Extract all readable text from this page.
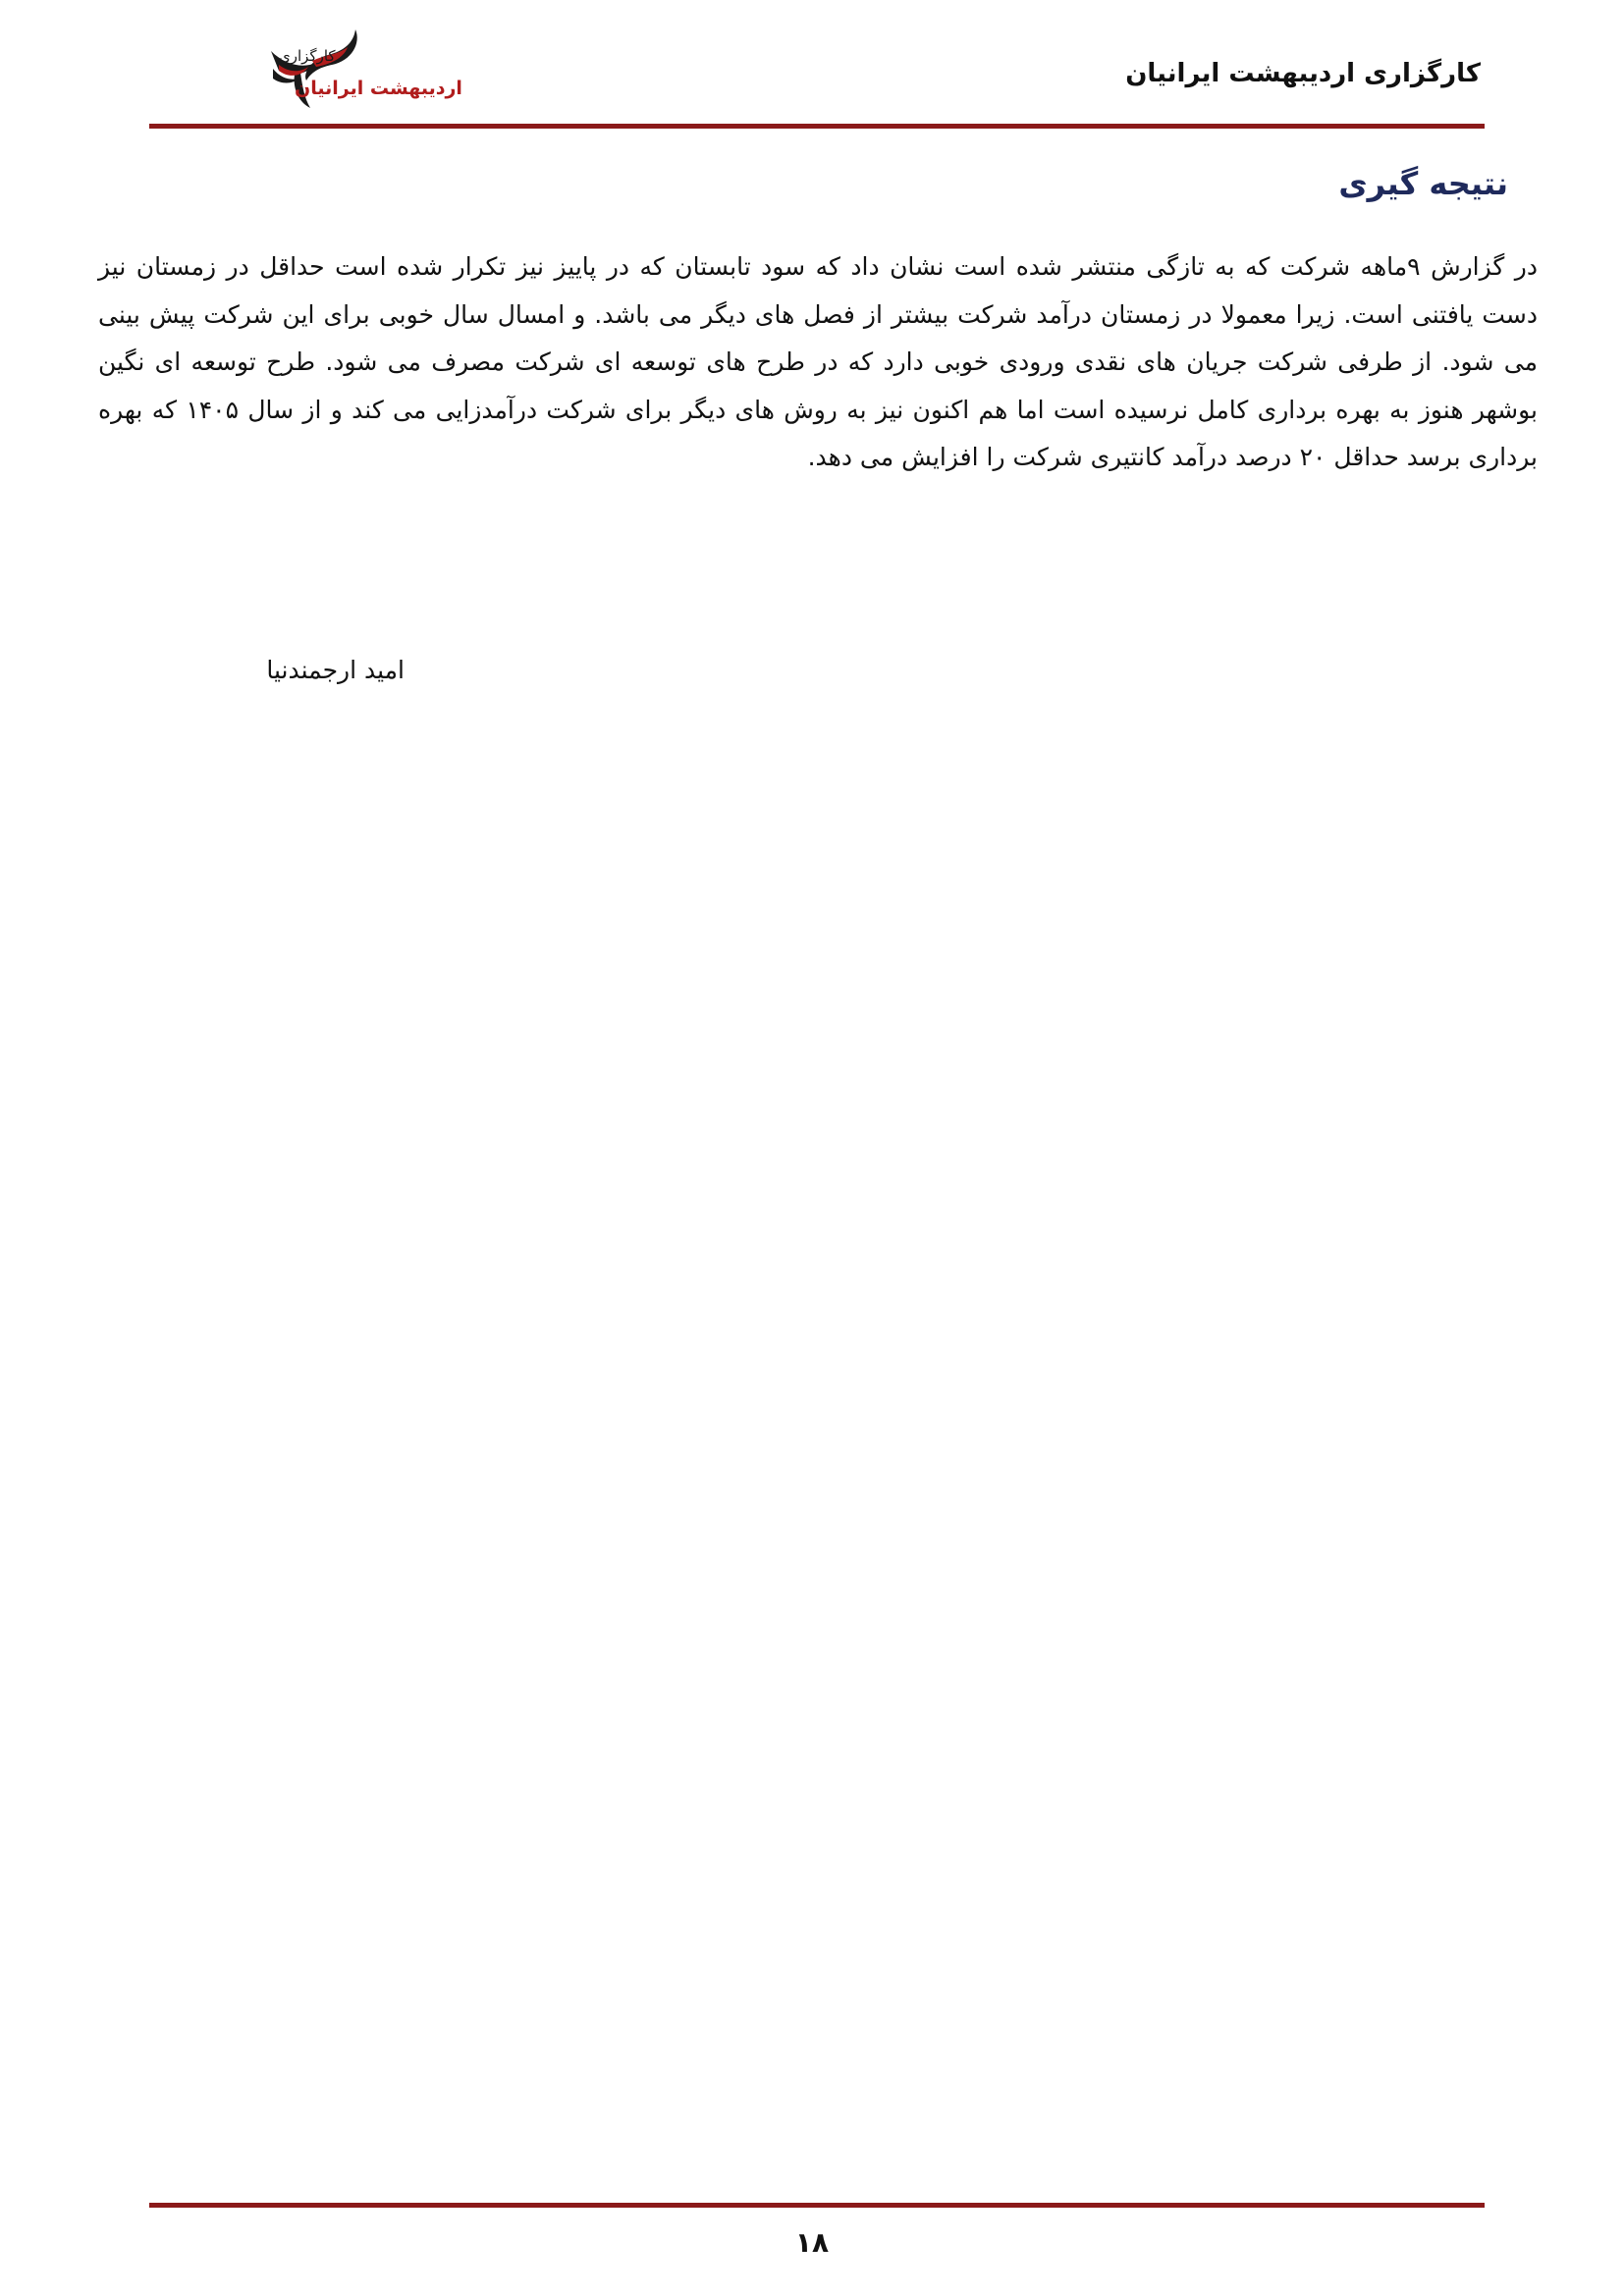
کارگزاری
اردیبهشت ایرانیان	کارگزاری اردیبهشت ایرانیان
نتیجه گیری

در گزارش ۹ماهه شرکت که به تازگی منتشر شده است نشان داد که سود تابستان که در پاییز نیز تکرار شده است حداقل در زمستان نیز دست یافتنی است. زیرا معمولا در زمستان درآمد شرکت بیشتر از فصل های دیگر می باشد. و امسال سال خوبی برای این شرکت پیش بینی می شود. از طرفی شرکت جریان های نقدی ورودی خوبی دارد که در طرح های توسعه ای شرکت مصرف می شود. طرح توسعه ای نگین بوشهر هنوز به بهره برداری کامل نرسیده است اما هم اکنون نیز به روش های دیگر برای شرکت درآمدزایی می کند و از سال ۱۴۰۵ که بهره برداری برسد حداقل ۲۰ درصد درآمد کانتیری شرکت را افزایش می دهد.

امید ارجمندنیا
۱۸
